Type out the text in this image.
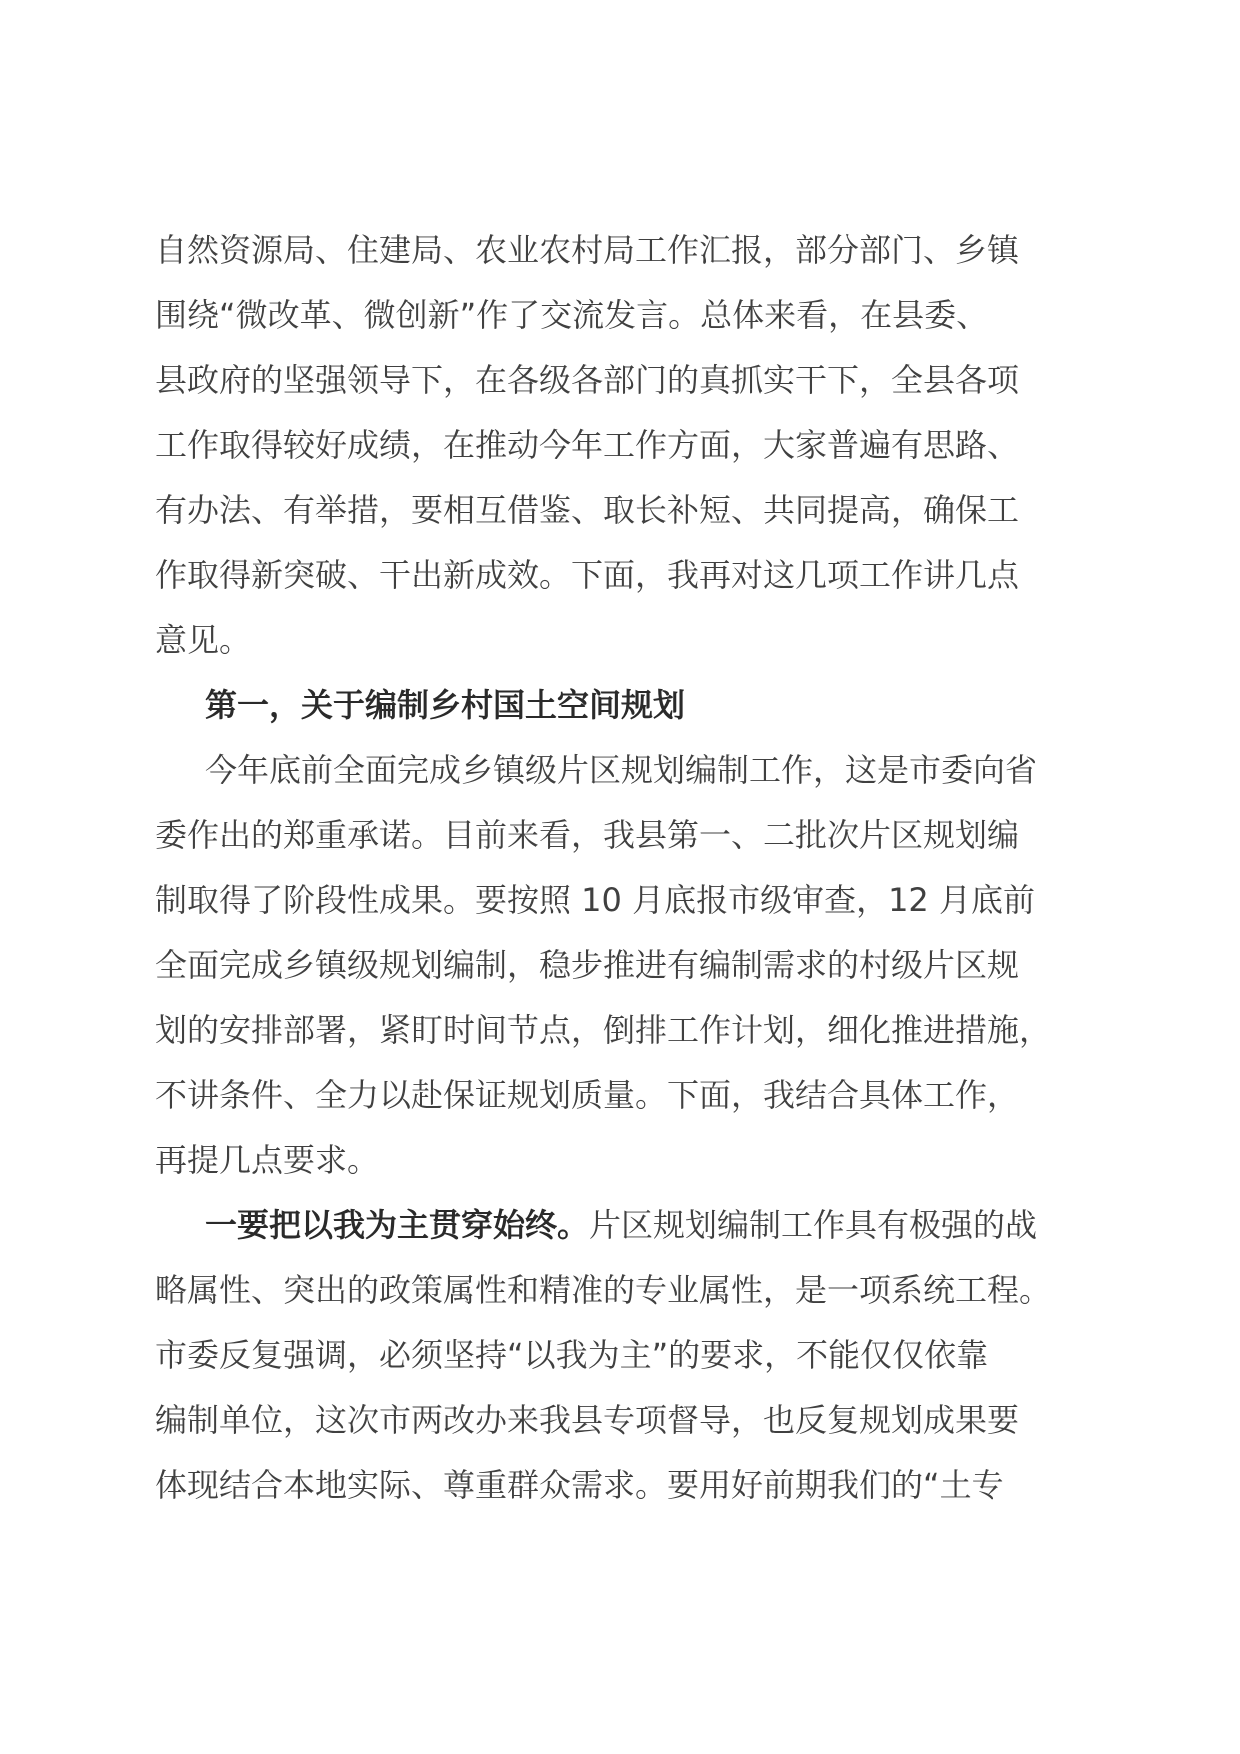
自然资源局、住建局、农业农村局工作汇报，部分部门、乡镇
围绕“微改革、微创新”作了交流发言。总体来看，在县委、
县政府的坚强领导下，在各级各部门的真抓实干下，全县各项
工作取得较好成绩，在推动今年工作方面，大家普遍有思路、
有办法、有举措，要相互借鉴、取长补短、共同提高，确保工
作取得新突破、干出新成效。下面，我再对这几项工作讲几点
意见。
第一，关于编制乡村国土空间规划
今年底前全面完成乡镇级片区规划编制工作，这是市委向省
委作出的郑重承诺。目前来看，我县第一、二批次片区规划编
制取得了阶段性成果。要按照 10 月底报市级审查，12 月底前
全面完成乡镇级规划编制，稳步推进有编制需求的村级片区规
划的安排部署，紧盯时间节点，倒排工作计划，细化推进措施，
不讲条件、全力以赴保证规划质量。下面，我结合具体工作，
再提几点要求。
一要把以我为主贯穿始终。片区规划编制工作具有极强的战
略属性、突出的政策属性和精准的专业属性，是一项系统工程。
市委反复强调，必须坚持“以我为主”的要求，不能仅仅依靠
编制单位，这次市两改办来我县专项督导，也反复规划成果要
体现结合本地实际、尊重群众需求。要用好前期我们的“土专
